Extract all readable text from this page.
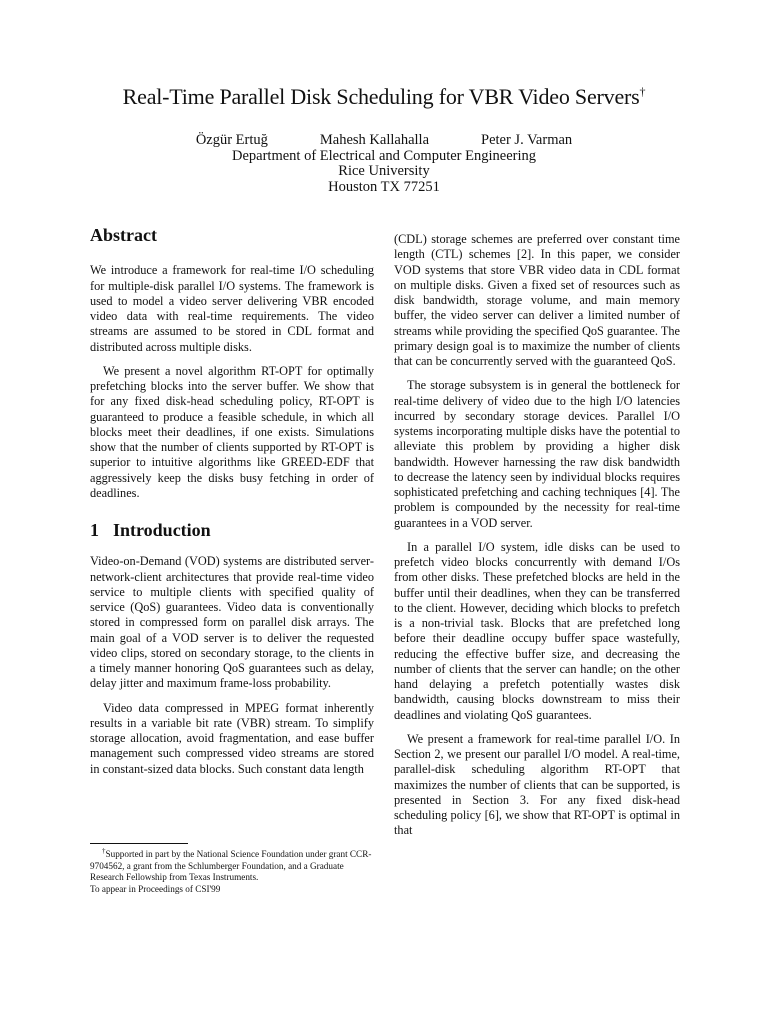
Real-Time Parallel Disk Scheduling for VBR Video Servers†
Özgür Ertuğ	Mahesh Kallahalla	Peter J. Varman
Department of Electrical and Computer Engineering
Rice University
Houston TX 77251
Abstract

We introduce a framework for real-time I/O scheduling for multiple-disk parallel I/O systems. The framework is used to model a video server delivering VBR encoded video data with real-time requirements. The video streams are assumed to be stored in CDL format and distributed across multiple disks.

We present a novel algorithm RT-OPT for optimally prefetching blocks into the server buffer. We show that for any fixed disk-head scheduling policy, RT-OPT is guaranteed to produce a feasible schedule, in which all blocks meet their deadlines, if one exists. Simulations show that the number of clients supported by RT-OPT is superior to intuitive algorithms like GREED-EDF that aggressively keep the disks busy fetching in order of deadlines.

1 Introduction

Video-on-Demand (VOD) systems are distributed server-network-client architectures that provide real-time video service to multiple clients with specified quality of service (QoS) guarantees. Video data is conventionally stored in compressed form on parallel disk arrays. The main goal of a VOD server is to deliver the requested video clips, stored on secondary storage, to the clients in a timely manner honoring QoS guarantees such as delay, delay jitter and maximum frame-loss probability.

Video data compressed in MPEG format inherently results in a variable bit rate (VBR) stream. To simplify storage allocation, avoid fragmentation, and ease buffer management such compressed video streams are stored in constant-sized data blocks. Such constant data length

(CDL) storage schemes are preferred over constant time length (CTL) schemes [2]. In this paper, we consider VOD systems that store VBR video data in CDL format on multiple disks. Given a fixed set of resources such as disk bandwidth, storage volume, and main memory buffer, the video server can deliver a limited number of streams while providing the specified QoS guarantee. The primary design goal is to maximize the number of clients that can be concurrently served with the guaranteed QoS.

The storage subsystem is in general the bottleneck for real-time delivery of video due to the high I/O latencies incurred by secondary storage devices. Parallel I/O systems incorporating multiple disks have the potential to alleviate this problem by providing a higher disk bandwidth. However harnessing the raw disk bandwidth to decrease the latency seen by individual blocks requires sophisticated prefetching and caching techniques [4]. The problem is compounded by the necessity for real-time guarantees in a VOD server.

In a parallel I/O system, idle disks can be used to prefetch video blocks concurrently with demand I/Os from other disks. These prefetched blocks are held in the buffer until their deadlines, when they can be transferred to the client. However, deciding which blocks to prefetch is a non-trivial task. Blocks that are prefetched long before their deadline occupy buffer space wastefully, reducing the effective buffer size, and decreasing the number of clients that the server can handle; on the other hand delaying a prefetch potentially wastes disk bandwidth, causing blocks downstream to miss their deadlines and violating QoS guarantees.

We present a framework for real-time parallel I/O. In Section 2, we present our parallel I/O model. A real-time, parallel-disk scheduling algorithm RT-OPT that maximizes the number of clients that can be supported, is presented in Section 3. For any fixed disk-head scheduling policy [6], we show that RT-OPT is optimal in that

†Supported in part by the National Science Foundation under grant CCR-9704562, a grant from the Schlumberger Foundation, and a Graduate Research Fellowship from Texas Instruments.

To appear in Proceedings of CSI'99
